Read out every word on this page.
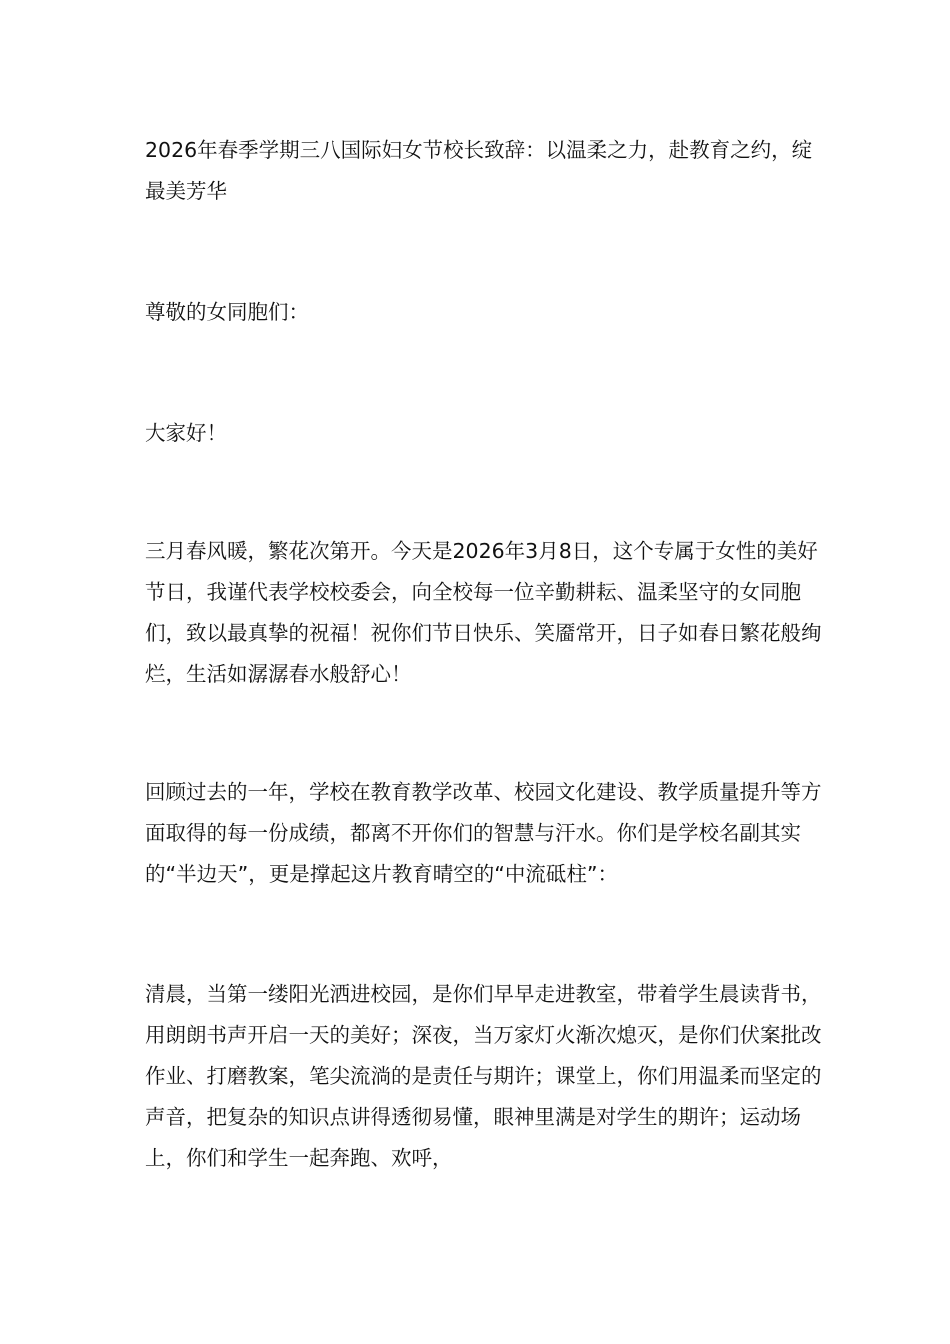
2026年春季学期三八国际妇女节校长致辞：以温柔之力，赴教育之约，绽最美芳华

尊敬的女同胞们：

大家好！

三月春风暖，繁花次第开。今天是2026年3月8日，这个专属于女性的美好节日，我谨代表学校校委会，向全校每一位辛勤耕耘、温柔坚守的女同胞们，致以最真挚的祝福！祝你们节日快乐、笑靥常开，日子如春日繁花般绚烂，生活如潺潺春水般舒心！

回顾过去的一年，学校在教育教学改革、校园文化建设、教学质量提升等方面取得的每一份成绩，都离不开你们的智慧与汗水。你们是学校名副其实的“半边天”，更是撑起这片教育晴空的“中流砥柱”：

清晨，当第一缕阳光洒进校园，是你们早早走进教室，带着学生晨读背书，用朗朗书声开启一天的美好；深夜，当万家灯火渐次熄灭，是你们伏案批改作业、打磨教案，笔尖流淌的是责任与期许；课堂上，你们用温柔而坚定的声音，把复杂的知识点讲得透彻易懂，眼神里满是对学生的期许；运动场上，你们和学生一起奔跑、欢呼，
